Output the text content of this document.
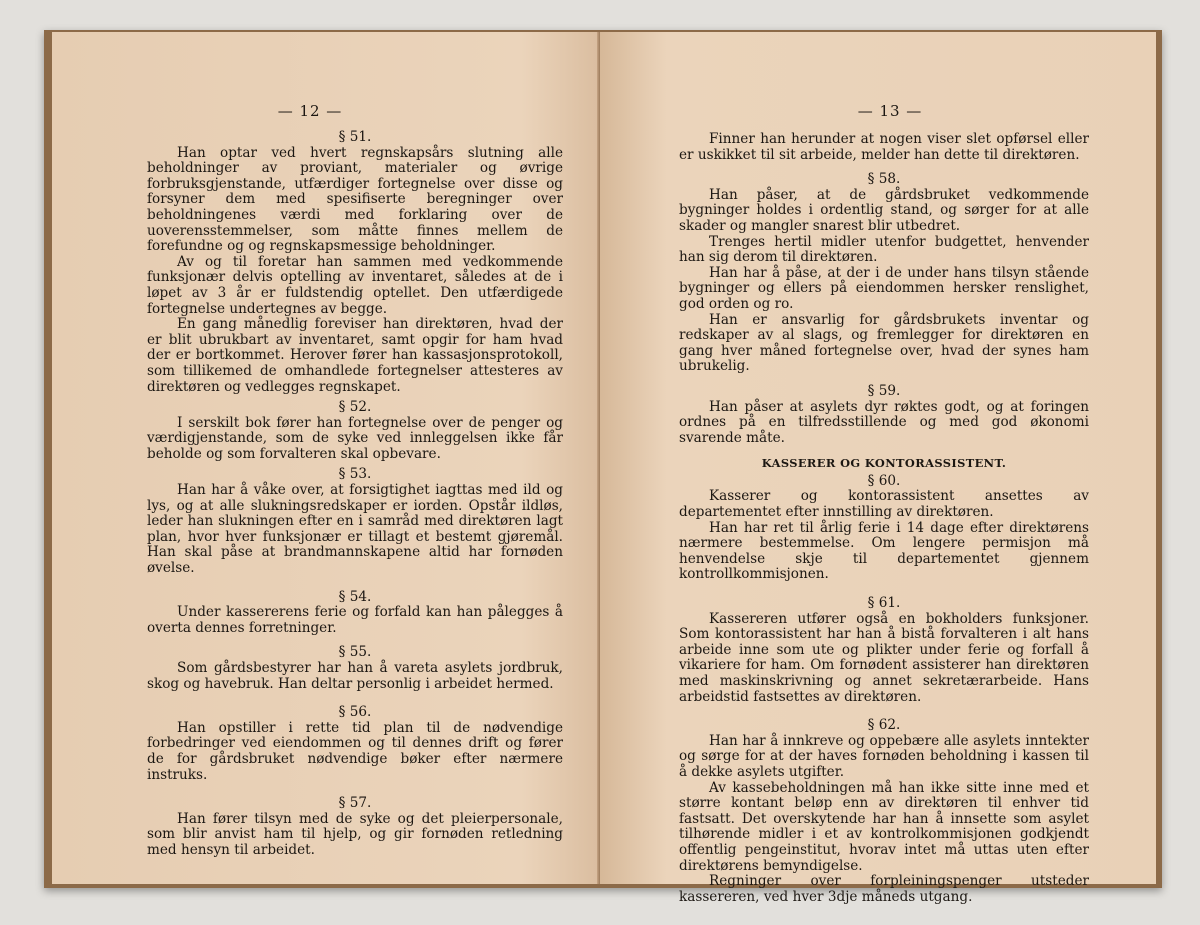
— 12 —
§ 51.

Han optar ved hvert regnskapsårs slutning alle beholdninger av proviant, materialer og øvrige forbruksgjenstande, utfærdiger fortegnelse over disse og forsyner dem med spesifiserte beregninger over beholdningenes værdi med forklaring over de uoverensstemmelser, som måtte finnes mellem de forefundne og og regnskapsmessige beholdninger.

Av og til foretar han sammen med vedkommende funksjonær delvis optelling av inventaret, således at de i løpet av 3 år er fuldstendig optellet. Den utfærdigede fortegnelse undertegnes av begge.

En gang månedlig foreviser han direktøren, hvad der er blit ubrukbart av inventaret, samt opgir for ham hvad der er bortkommet. Herover fører han kassasjonsprotokoll, som tillikemed de omhandlede fortegnelser attesteres av direktøren og vedlegges regnskapet.

§ 52.

I serskilt bok fører han fortegnelse over de penger og værdigjenstande, som de syke ved innleggelsen ikke får beholde og som forvalteren skal opbevare.

§ 53.

Han har å våke over, at forsigtighet iagttas med ild og lys, og at alle slukningsredskaper er iorden. Opstår ildløs, leder han slukningen efter en i samråd med direktøren lagt plan, hvor hver funksjonær er tillagt et bestemt gjøremål. Han skal påse at brandmannskapene altid har fornøden øvelse.

§ 54.

Under kassererens ferie og forfald kan han pålegges å overta dennes forretninger.

§ 55.

Som gårdsbestyrer har han å vareta asylets jordbruk, skog og havebruk. Han deltar personlig i arbeidet hermed.

§ 56.

Han opstiller i rette tid plan til de nødvendige forbedringer ved eiendommen og til dennes drift og fører de for gårdsbruket nødvendige bøker efter nærmere instruks.

§ 57.

Han fører tilsyn med de syke og det pleierpersonale, som blir anvist ham til hjelp, og gir fornøden retledning med hensyn til arbeidet.

— 13 —

Finner han herunder at nogen viser slet opførsel eller er uskikket til sit arbeide, melder han dette til direktøren.

§ 58.

Han påser, at de gårdsbruket vedkommende bygninger holdes i ordentlig stand, og sørger for at alle skader og mangler snarest blir utbedret.

Trenges hertil midler utenfor budgettet, henvender han sig derom til direktøren.

Han har å påse, at der i de under hans tilsyn stående bygninger og ellers på eiendommen hersker renslighet, god orden og ro.

Han er ansvarlig for gårdsbrukets inventar og redskaper av al slags, og fremlegger for direktøren en gang hver måned fortegnelse over, hvad der synes ham ubrukelig.

§ 59.

Han påser at asylets dyr røktes godt, og at foringen ordnes på en tilfredsstillende og med god økonomi svarende måte.

KASSERER OG KONTORASSISTENT.
§ 60.

Kasserer og kontorassistent ansettes av departementet efter innstilling av direktøren.

Han har ret til årlig ferie i 14 dage efter direktørens nærmere bestemmelse. Om lengere permisjon må henvendelse skje til departementet gjennem kontrollkommisjonen.

§ 61.

Kassereren utfører også en bokholders funksjoner. Som kontorassistent har han å bistå forvalteren i alt hans arbeide inne som ute og plikter under ferie og forfall å vikariere for ham. Om fornødent assisterer han direktøren med maskinskrivning og annet sekretærarbeide. Hans arbeidstid fastsettes av direktøren.

§ 62.

Han har å innkreve og oppebære alle asylets inntekter og sørge for at der haves fornøden beholdning i kassen til å dekke asylets utgifter.

Av kassebeholdningen må han ikke sitte inne med et større kontant beløp enn av direktøren til enhver tid fastsatt. Det overskytende har han å innsette som asylet tilhørende midler i et av kontrolkommisjonen godkjendt offentlig pengeinstitut, hvorav intet må uttas uten efter direktørens bemyndigelse.

Regninger over forpleiningspenger utsteder kassereren, ved hver 3dje måneds utgang.
